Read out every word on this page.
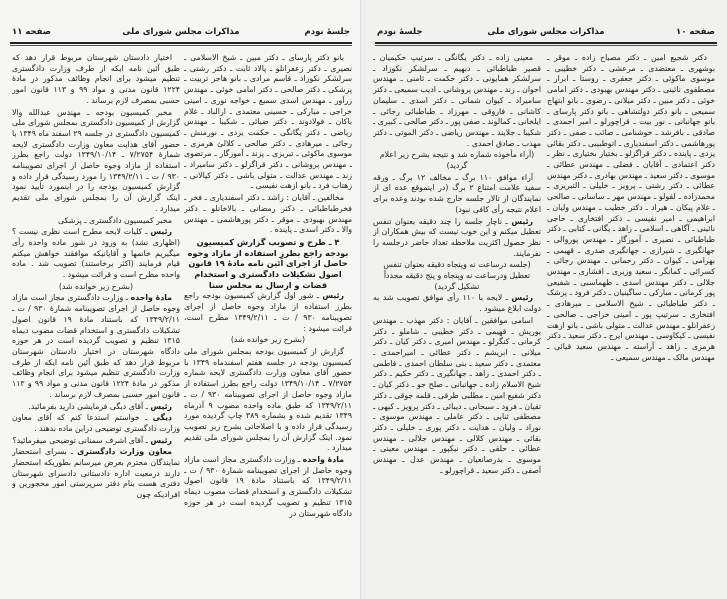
جلسهٔ نودم
مذاکرات مجلس شورای ملی
صفحه ۱۱

بانو دکتر پارسای ـ دکتر مبین ـ شیخ الاسلامی ـ نصیری ـ دکتر زعفرانلو ـ پالاد ثابت ـ دکتر رشتی ـ سرلشکر نکوزاد ـ قاسم مرادی ـ بانو هاجر تربیت ـ پزشکی ـ دکتر صالحی ـ دکتر امامی خوئی ـ مهندس زرآور ـ مهندس اسدی سمیع ـ خواجه نوری ـ امینی خراجی ـ مبارکی ـ حسینی معتمدی ـ ارالباد ـ غلام باکان ـ فولادوند ـ دکتر ضیائی ـ شکیبا ـ مهندس ریاضی ـ دکتر یگانگی ـ حکمت یزدی ـ نورمنش ـ رجائی ـ میرهادی ـ دکتر صالحی ـ کلالئ هرمزی ـ موسوی ماکوئی ـ تبریزی ـ پزند ـ آموزگار ـ مرتضوی ـ مهندس پروشانی ـ دکتر قراگزلو ـ دکتر سامیراد ـ زند ـ مهندس عدالت ـ متولی باشی ـ دکتر کیالانی ـ زهتاب فرد ـ بانو ازهت نفیسی ـ

مخالفین ـ آقایان : راشد ـ دکتر اسفندیاری ـ فخر ـ فخرطباطبائی ـ دکتر رمضانی ـ بالاخانلو ـ دکتر مهندس بهبودی ـ موقر ـ دکتر پورهاشمی ـ مهندس والا ـ دکتر اسدی ـ پاینده .

۴ ـ طرح و تصویب گزارش کمیسیون بودجه راجع بطرز استفاده از مازاد وجوه حاصل از اجرای آئین نامه مادهٔ ۱۹ قانون اصول تشکیلات دادگستری و استخدام قضات و ارسال به مجلس سنا

رئیس ـ شور اول گزارش کمیسیون بودجه راجع بطرز استفاده از مازاد وجوه حاصل از اجرای تصویبنامه ۹۳۰ / ت ـ ۱۳۴۹/۲/۱۱ مطرح است، قرائت میشود :

(بشرح زیر خوانده شد)

گزارش از کمیسیون بودجه بمجلس شورای ملی کمیسیون بودجه در جلسه هفتم اسفندماه ۱۳۴۹ با حضور آقای معاون وزارت دادگستری لایحه شماره ۷/۲۷۵۴ ـ ۱۳۴۹/۱۰/۱۴ دولت راجع بطرز استفاده از مازاد وجوه حاصل از اجرای تصویبنامه ۹۳۰ / ت ـ ۱۳۴۹/۲/۱۱ که طبق ماده واحده مصوب ۹ آذرماه ۱۳۴۹ تقدیم شده و بشماره ۳۸۹ چاپ گردیده مورد رسیدگی قرار داده و با اصلاحاتی بشرح زیر تصویب نمود. اینک گزارش آن را بمجلس شورای ملی تقدیم میدارد .

مادهٔ واحده ـ وزارت دادگستری مجاز است مازاد وجوه حاصل از اجرای تصویبنامه شمارهٔ ۹۳۰ / ت ـ ۱۳۴۹/۲/۱۱ که باستناد مادهٔ ۱۹ قانون اصول تشکیلات دادگستری و استخدام قضات مصوب دیماه ۱۳۱۵ تنظیم و تصویب گردیده است در هر حوزه دادگاه شهرستان در

اختیار دادستان شهرستان مربوط قرار دهد که طبق آئین نامه ایکه از طرف وزارت دادگستری تنظیم میشود برای انجام وظائف مذکور در مادهٔ ۱۲۲۴ قانون مدنی و مواد ۹۹ و ۱۱۳ قانون امور حسبی بمصرف لازم برساند .

مخبر کمیسیون بودجه ـ مهندس عبدالله والا گزارش از کمیسیون دادگستری بمجلس شورای ملی کمیسیون دادگستری در جلسه ۲۹ اسفند ماه ۱۳۴۹ با حضور آقای هدایت معاون وزارت دادگستری لایحه شمارهٔ ۷/۲۷۵۴ ـ ۱۳۴۹/۱۰/۱۴ دولت راجع بطرز استفاده از مازاد وجوه حاصل از اجرای تصویبنامه ۹۳۰ / ت ـ ۱۳۴۹/۲/۱۱ را مورد رسیدگی قرار داده و گزارش کمیسیون بودجه را در اینمورد تأیید نمود اینک گزارش آن را بمجلس شورای ملی تقدیم میدارد .

مخبر کمیسیون دادگستری ـ پزشکی

رئیس ـ کلیات لایحه مطرح است نظری نیست ؟ (اظهاری نشد) به ورود در شور ماده واحده رأی میگیریم خانمها و آقایانیکه موافقند خواهش میکنم قیام فرمایند (اکثر برخاستند) تصویب شد . ماده واحده مطرح است و قرائت میشود .

(بشرح زیر خوانده شد)

مادهٔ واحده ـ وزارت دادگستری مجاز است مازاد وجوه حاصل از اجرای تصویبنامه شمارهٔ ۹۳۰ / ت ـ ۱۳۴۹/۲/۱۱ که باستناد مادهٔ ۱۹ قانون اصول تشکیلات دادگستری و استخدام قضات مصوب دیماه ۱۳۱۵ تنظیم و تصویب گردیده است در هر حوزه دادگاه شهرستان در اختیار دادستان شهرستان مربوط قرار دهد که طبق آئین نامه ایکه از طرف وزارت دادگستری تنظیم میشود برای انجام وظائف مذکور در مادهٔ ۱۲۲۴ قانون مدنی و مواد ۹۹ و ۱۱۳ قانون امور حسبی بمصرف لازم برساند .

رئیس ـ آقای دیگی فرمایشی دارید بفرمائید.

دیگی ـ خواستم استدعا کنم که آقای معاون وزارت دادگستری توضیحی دراین ماده بدهند .

رئیس ـ آقای اشرف سمنانی توضیحی میفرمائید؟

معاون وزارت دادگستری ـ بسرای استحضار نمایندگان محترم بعرض میرسانم بطوریکه استحضار دارند درمعیت اداره دادستانی دادسرای شهرستان دفتری هست بنام دفتر سرپرستی امور محجورین و افرادیکه چون

صفحه ۱۰
مذاکرات مجلس شورای ملی
جلسهٔ نودم

دکتر شجیع امین ـ دکتر مصباح زاده ـ موقر ـ بوشهری ـ معتضدی ـ مرعشی ـ دکتر خطیبی ـ موسوی ماکوئی ـ دکتر جعفری ـ روستا ـ ابرار ـ مصطفوی نائینی ـ دکتر مهندس بهبودی ـ دکتر امامی خوئی ـ دکتر مبین ـ دکتر میلانی ـ رضوی ـ بانو ابتهاج سمیعی ـ بانو دکتر دولتشاهی ـ بانو دکتر پارسای ـ بانو جهانبانی ـ نور بیت ـ قراچورلو ـ امیر احمدی ـ صادقی ـ بافرشد ـ خوشنامی ـ صائب ـ صفی ـ دکتر پورهاشمی ـ دکتر اسفندیاری ـ اتوطبیبی ـ دکتر بقائی یزدی ـ پاینده ـ دکتر قراگزلو ـ بختیار بختیاری ـ نظر ـ دکتر اعتمادی ـ آقایان ـ فضلی ـ مهندس عطائی ـ موسوی ـ دکتر سعید ـ مهندس بهادری ـ دکتر مهندس عطائی ـ دکتر رشتی ـ پرویز ـ خلیلی ـ التبریزی ـ محمدزاده ـ لفولو ـ مهندس مهر ـ ساسانی ـ صالحی ـ غلام پیکان ـ هیراد ـ دکتر خطیب ـ مهندس ولیان ـ ابراهیمی ـ امیر نفیسی ـ دکتر افتخاری ـ حاجی نائینی ـ آگاهی ـ اسلامی ـ زاهد ـ یگانی ـ کتابی ـ دکتر طباطبائی ـ نصیری ـ آموزگار ـ مهندس پوروالی ـ جهانگیری ـ شیرازی ـ جهانگیری صدری ـ قهیمی ـ بهرامی ـ کیوان ـ دکتر رحمانی ـ مهندس رجائی ـ کسرائی ـ کمانگر ـ سعید وزیری ـ افشاری ـ مهندس جلالی ـ دکتر مهندس اسدی ـ طهماسبی ـ شفیعی پور کرمانی ـ مبارکی ـ ساگینیان ـ دکتر فرود ـ پزشک ـ دکتر طباطبائی ـ شیخ الاسلامی ـ میرهادی ـ افتخاری ـ سرتیپ پور ـ امینی خراجی ـ صالحی ـ زعفرانلو ـ مهندس عدالت ـ متولی باشی ـ بانو ازهت نفیسی ـ کیکاوسی ـ مهندس ایرج ـ دکتر سعید ـ دکتر هرمزی ـ زاهد ـ آراسته ـ مهندس سعید قیائی ـ مهندس مالک ـ مهندس سمیعی ـ

معینی زاده ـ دکتر یگانگی ـ سرتیپ حکیمیان ـ قصیر طباطبائی ـ دبهیم ـ سرلشکر نکوزاد ـ سرلشکر همایونی ـ دکتر حکمت ـ ثامنی ـ مهندس احوان ـ زند ـ مهندس پروشانی ـ ادیب سمیعی ـ دکتر سامیراد ـ کیوان شمانی ـ دکتر اسدی ـ سلیمان کاشانی ـ فاروقی ـ مهرزاد ـ طباطبائی رجائی ـ ایلخانی ـ کمالوند ـ صفی پور ـ دکتر صالحی ـ کبیری ـ شکیبا ـ جلایند ـ مهندس ریاضی ـ دکتر الموتی ـ دکتر مهذب ـ صادق احمدی .

(آراء مأخوذه شماره شد و نتیجه بشرح زیر اعلام گردید)

آراء موافق ۱۱۰ برگ ـ مخالف ۱۲ برگ ـ ورقه سفید علامت امتناع ۲ برگ (در اینموقع عده ای از نمایندگان از تالار جلسه خارج شده بودند وعده برای اعلام نتیجه رأی کافی نبود)

رئیس ـ ناچار جلسه را چند دقیقه بعنوان تنفس تعطیل میکنم و این خوب نیست که بیش همکاران از نظر حصول اکثریت ملاحظه تعداد حاضر درجلسه را نفرمایند.

(جلسه درساعت نه وپنجاه دقیقه بعنوان تنفس تعطیل ودرساعت نه وپنجاه و پنج دقیقه مجدداً تشکیل گردید)

رئیس ـ لایحه با ۱۱۰ رأی موافق تصویب شد به دولت ابلاغ میشود .

اسامی موافقین ـ آقایان : دکتر مهذب ـ مهندس یوریش ـ قهیمی ـ دکتر خطیبی ـ شاملو ـ دکتر کرمانی ـ کنگرلو ـ مهندس امیری ـ دکتر کیان ـ دکتر میلانی ـ ابریشم ـ دکتر عطائی ـ امیراحمدی ـ معتمدی ـ دکتر سعید ـ بنی سلطان احمدی ـ فاطمی ـ دکتر احمدی ـ زاهد ـ جهانگیری ـ دکتر حکیم ـ دکتر شیخ الاسلام زاده ـ جهانبانی ـ صلح جو ـ دکتر کیان ـ دکتر شفیع امین ـ مطلبی طرقی ـ قلمه جوقی ـ دکتر تقیان ـ فرود ـ سبحانی ـ دیبائی ـ دکتر پرویز ـ کیهی ـ مصطفی ثناپی ـ دکتر عاملی ـ مهندس موسوی ـ نوراد ـ ولیان ـ هدایت ـ دکتر پوری ـ خلیلی ـ دکتر بقائی ـ مهندس کلالی ـ مهندس جلالی ـ مهندس عطائی ـ حلقی ـ دکتر نیکپور ـ مهندس معینی ـ موسوی ـ بدرصانعیان ـ مهندس عدل ـ مهندس آصفی ـ دکتر سعید ـ قراچورلو ـ
